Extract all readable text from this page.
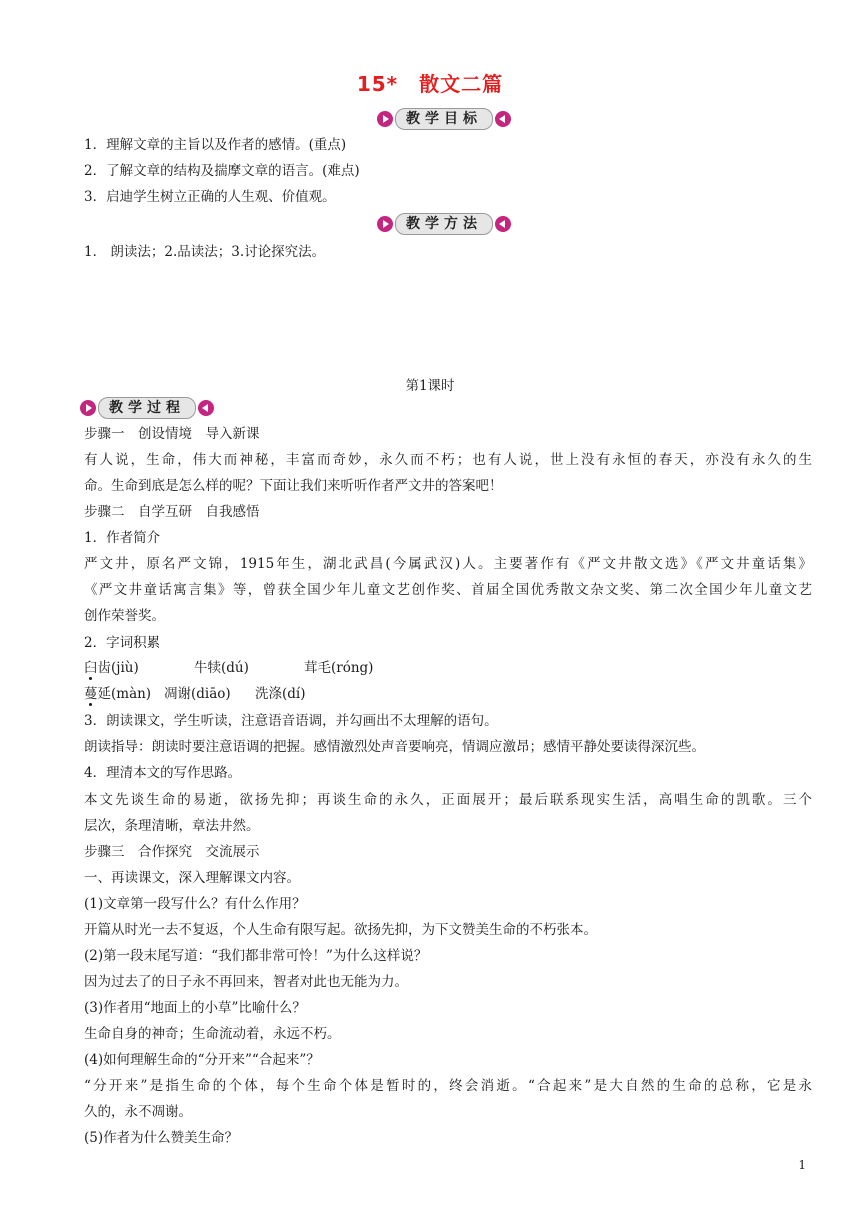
15*　散文二篇
教学目标
1．理解文章的主旨以及作者的感情。(重点)
2．了解文章的结构及揣摩文章的语言。(难点)
3．启迪学生树立正确的人生观、价值观。
教学方法
1． 朗读法；2.品读法；3.讨论探究法。
第1课时
教学过程
步骤一　创设情境　导入新课
有人说，生命，伟大而神秘，丰富而奇妙，永久而不朽；也有人说，世上没有永恒的春天，亦没有永久的生
命。生命到底是怎么样的呢？下面让我们来听听作者严文井的答案吧！
步骤二　自学互研　自我感悟
1．作者简介
严文井，原名严文锦，1915年生，湖北武昌(今属武汉)人。主要著作有《严文井散文选》《严文井童话集》
《严文井童话寓言集》等，曾获全国少年儿童文艺创作奖、首届全国优秀散文杂文奖、第二次全国少年儿童文艺
创作荣誉奖。
2．字词积累
臼齿(jiù)	牛犊(dú)	茸毛(róng)
蔓延(màn) 凋谢(diāo) 洗涤(dí)
3．朗读课文，学生听读，注意语音语调，并勾画出不太理解的语句。
朗读指导：朗读时要注意语调的把握。感情激烈处声音要响亮，情调应激昂；感情平静处要读得深沉些。
4．理清本文的写作思路。
本文先谈生命的易逝，欲扬先抑；再谈生命的永久，正面展开；最后联系现实生活，高唱生命的凯歌。三个
层次，条理清晰，章法井然。
步骤三　合作探究　交流展示
一、再读课文，深入理解课文内容。
(1)文章第一段写什么？有什么作用？
开篇从时光一去不复返，个人生命有限写起。欲扬先抑，为下文赞美生命的不朽张本。
(2)第一段末尾写道：“我们都非常可怜！”为什么这样说？
因为过去了的日子永不再回来，智者对此也无能为力。
(3)作者用“地面上的小草”比喻什么？
生命自身的神奇；生命流动着，永远不朽。
(4)如何理解生命的“分开来”“合起来”？
“分开来”是指生命的个体，每个生命个体是暂时的，终会消逝。“合起来”是大自然的生命的总称，它是永
久的，永不凋谢。
(5)作者为什么赞美生命？
1
